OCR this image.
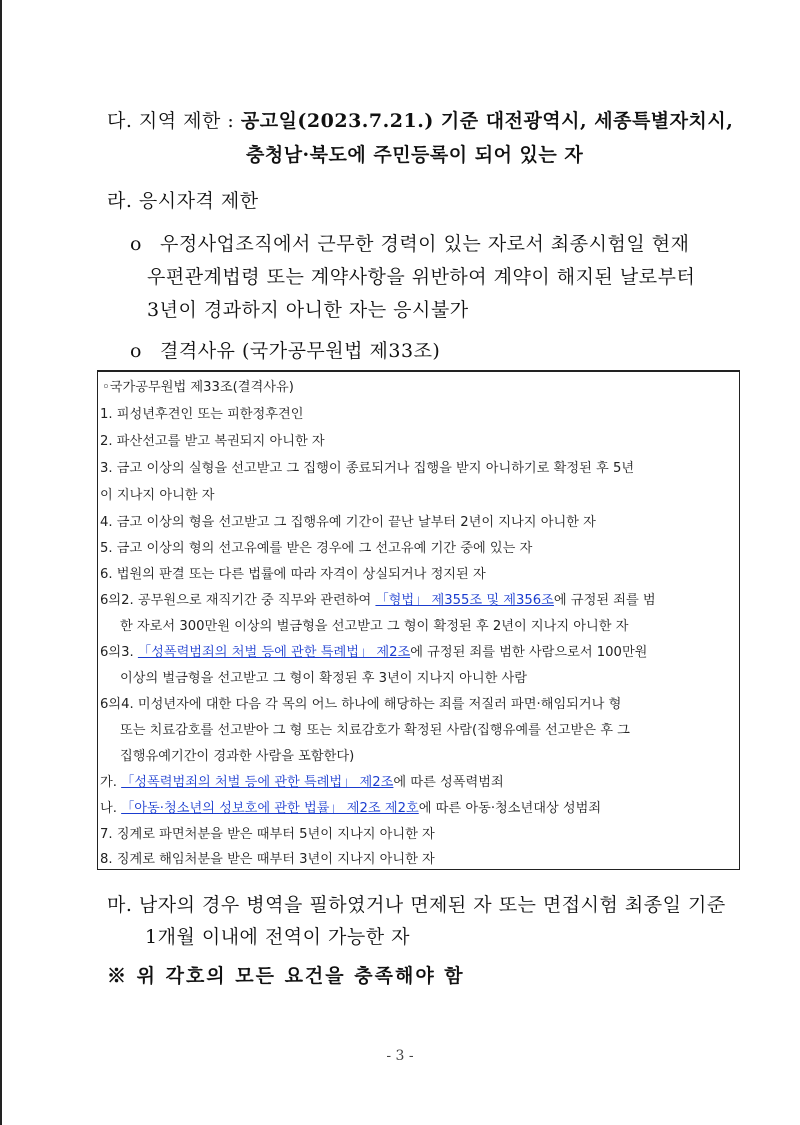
다. 지역 제한 : 공고일(2023.7.21.) 기준 대전광역시, 세종특별자치시,
충청남·북도에 주민등록이 되어 있는 자
라. 응시자격 제한
o 우정사업조직에서 근무한 경력이 있는 자로서 최종시험일 현재
우편관계법령 또는 계약사항을 위반하여 계약이 해지된 날로부터
3년이 경과하지 아니한 자는 응시불가
o 결격사유 (국가공무원법 제33조)
◦국가공무원법 제33조(결격사유)
1. 피성년후견인 또는 피한정후견인
2. 파산선고를 받고 복권되지 아니한 자
3. 금고 이상의 실형을 선고받고 그 집행이 종료되거나 집행을 받지 아니하기로 확정된 후 5년
이 지나지 아니한 자
4. 금고 이상의 형을 선고받고 그 집행유예 기간이 끝난 날부터 2년이 지나지 아니한 자
5. 금고 이상의 형의 선고유예를 받은 경우에 그 선고유예 기간 중에 있는 자
6. 법원의 판결 또는 다른 법률에 따라 자격이 상실되거나 정지된 자
6의2. 공무원으로 재직기간 중 직무와 관련하여 「형법」 제355조 및 제356조에 규정된 죄를 범
한 자로서 300만원 이상의 벌금형을 선고받고 그 형이 확정된 후 2년이 지나지 아니한 자
6의3. 「성폭력범죄의 처벌 등에 관한 특례법」 제2조에 규정된 죄를 범한 사람으로서 100만원
이상의 벌금형을 선고받고 그 형이 확정된 후 3년이 지나지 아니한 사람
6의4. 미성년자에 대한 다음 각 목의 어느 하나에 해당하는 죄를 저질러 파면·해임되거나 형
또는 치료감호를 선고받아 그 형 또는 치료감호가 확정된 사람(집행유예를 선고받은 후 그
집행유예기간이 경과한 사람을 포함한다)
가. 「성폭력범죄의 처벌 등에 관한 특례법」 제2조에 따른 성폭력범죄
나. 「아동·청소년의 성보호에 관한 법률」 제2조 제2호에 따른 아동·청소년대상 성범죄
7. 징계로 파면처분을 받은 때부터 5년이 지나지 아니한 자
8. 징계로 해임처분을 받은 때부터 3년이 지나지 아니한 자
마. 남자의 경우 병역을 필하였거나 면제된 자 또는 면접시험 최종일 기준
1개월 이내에 전역이 가능한 자
※ 위 각호의 모든 요건을 충족해야 함
- 3 -
